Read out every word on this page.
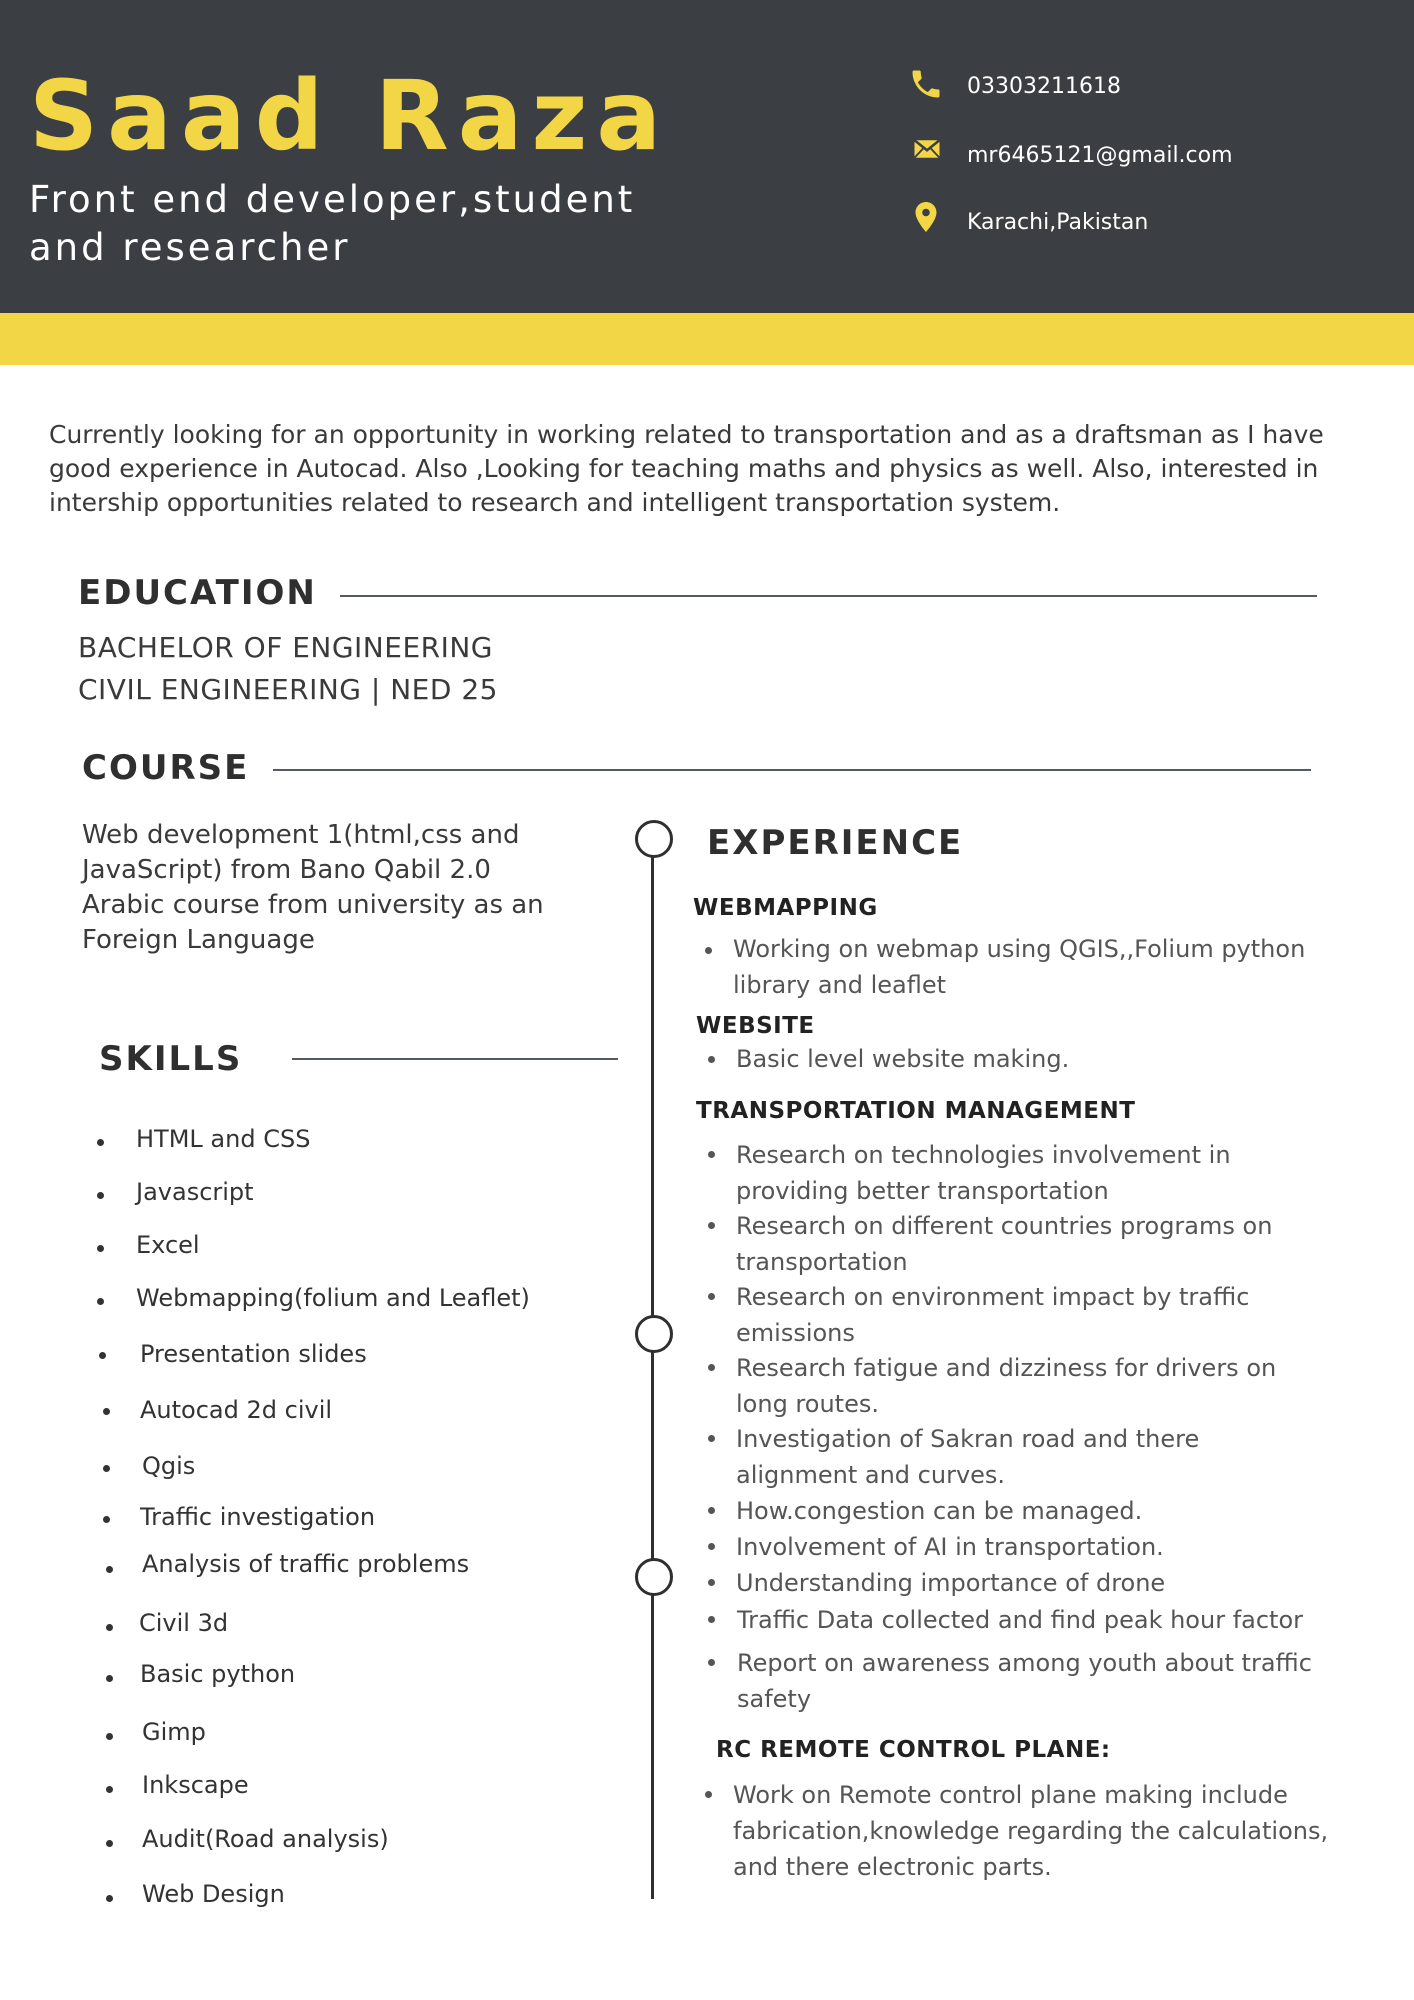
Saad Raza
Front end developer,student and researcher
03303211618
mr6465121@gmail.com
Karachi,Pakistan
Currently looking for an opportunity in working related to transportation and as a draftsman as I have good experience in Autocad. Also ,Looking for teaching maths and physics as well. Also, interested in intership opportunities related to research and intelligent transportation system.
EDUCATION
BACHELOR OF ENGINEERING
CIVIL ENGINEERING | NED 25
COURSE
Web development 1(html,css and JavaScript) from Bano Qabil 2.0
Arabic course from university as an Foreign Language
SKILLS
HTML and CSS
Javascript
Excel
Webmapping(folium and Leaflet)
Presentation slides
Autocad 2d civil
Qgis
Traffic investigation
Analysis of traffic problems
Civil 3d
Basic python
Gimp
Inkscape
Audit(Road analysis)
Web Design
EXPERIENCE
WEBMAPPING
Working on webmap using QGIS,,Folium python library and leaflet
WEBSITE
Basic level website making.
TRANSPORTATION MANAGEMENT
Research on technologies involvement in providing better transportation
Research on different countries programs on transportation
Research on environment impact by traffic emissions
Research fatigue and dizziness for drivers on long routes.
Investigation of Sakran road and there alignment and curves.
How.congestion can be managed.
Involvement of AI in transportation.
Understanding importance of drone
Traffic Data collected and find peak hour factor
Report on awareness among youth about traffic safety
RC REMOTE CONTROL PLANE:
Work on Remote control plane making include fabrication,knowledge regarding the calculations, and there electronic parts.
